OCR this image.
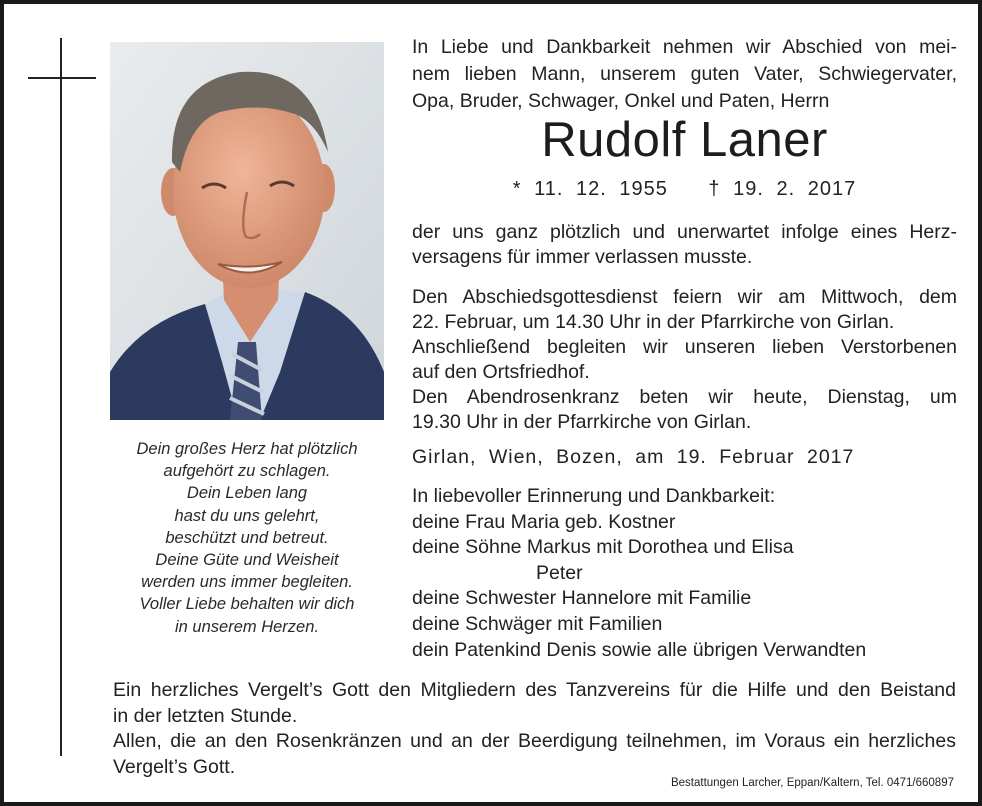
Dein großes Herz hat plötzlich
aufgehört zu schlagen.
Dein Leben lang
hast du uns gelehrt,
beschützt und betreut.
Deine Güte und Weisheit
werden uns immer begleiten.
Voller Liebe behalten wir dich
in unserem Herzen.
In Liebe und Dankbarkeit nehmen wir Abschied von mei-
nem lieben Mann, unserem guten Vater, Schwiegervater,
Opa, Bruder, Schwager, Onkel und Paten, Herrn
Rudolf Laner
* 11. 12. 1955 † 19. 2. 2017
der uns ganz plötzlich und unerwartet infolge eines Herz-
versagens für immer verlassen musste.
Den Abschiedsgottesdienst feiern wir am Mittwoch, dem
22. Februar, um 14.30 Uhr in der Pfarrkirche von Girlan.
Anschließend begleiten wir unseren lieben Verstorbenen
auf den Ortsfriedhof.
Den Abendrosenkranz beten wir heute, Dienstag, um
19.30 Uhr in der Pfarrkirche von Girlan.
Girlan, Wien, Bozen, am 19. Februar 2017
In liebevoller Erinnerung und Dankbarkeit:
deine Frau Maria geb. Kostner
deine Söhne Markus mit Dorothea und Elisa
Peter
deine Schwester Hannelore mit Familie
deine Schwäger mit Familien
dein Patenkind Denis sowie alle übrigen Verwandten
Ein herzliches Vergelt’s Gott den Mitgliedern des Tanzvereins für die Hilfe und den Beistand
in der letzten Stunde.
Allen, die an den Rosenkränzen und an der Beerdigung teilnehmen, im Voraus ein herzliches
Vergelt’s Gott.
Bestattungen Larcher, Eppan/Kaltern, Tel. 0471/660897
